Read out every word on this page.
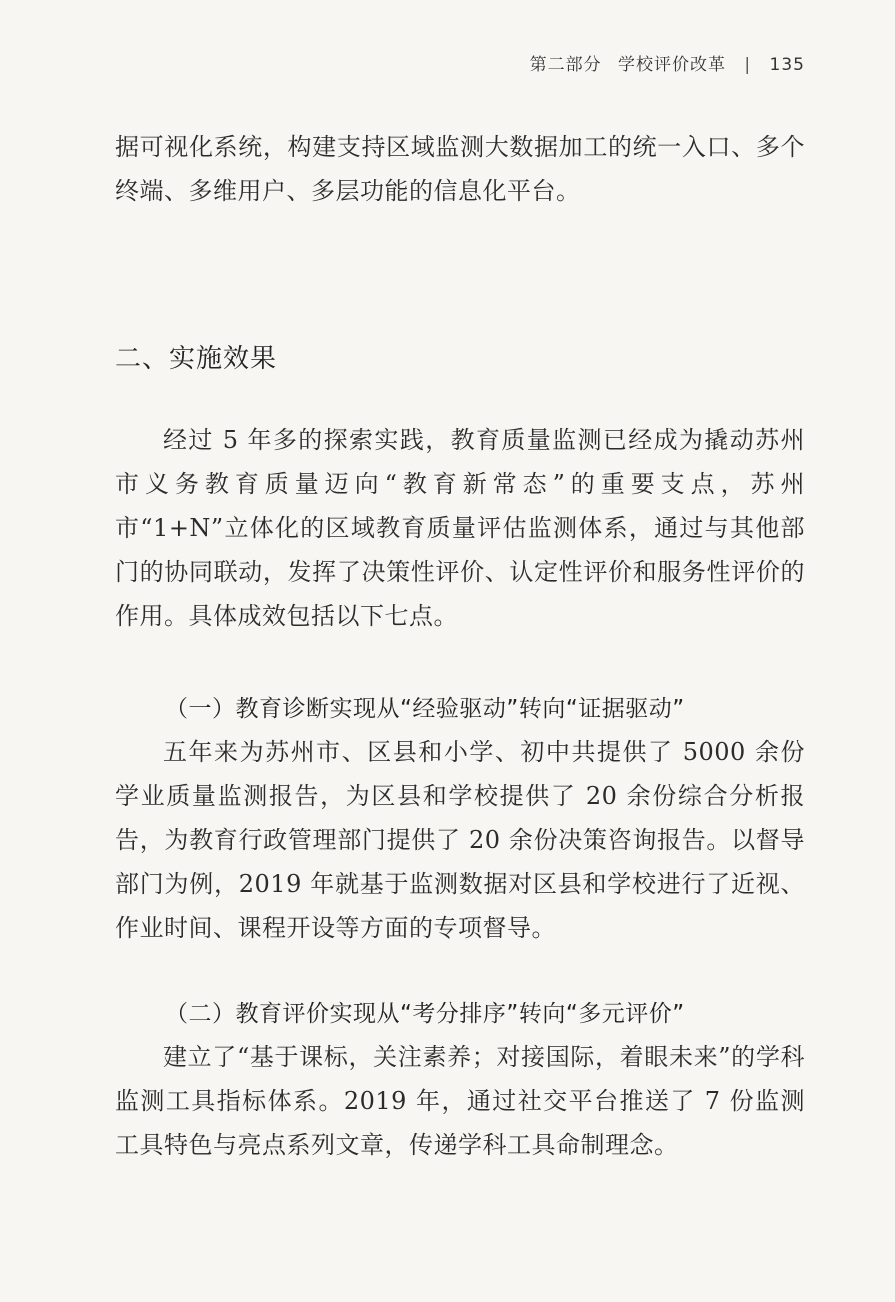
第二部分 学校评价改革 | 135
据可视化系统，构建支持区域监测大数据加工的统一入口、多个终端、多维用户、多层功能的信息化平台。
二、实施效果
经过 5 年多的探索实践，教育质量监测已经成为撬动苏州市义务教育质量迈向“教育新常态”的重要支点，苏州市“1+N”立体化的区域教育质量评估监测体系，通过与其他部门的协同联动，发挥了决策性评价、认定性评价和服务性评价的作用。具体成效包括以下七点。
（一）教育诊断实现从“经验驱动”转向“证据驱动”
五年来为苏州市、区县和小学、初中共提供了 5000 余份学业质量监测报告，为区县和学校提供了 20 余份综合分析报告，为教育行政管理部门提供了 20 余份决策咨询报告。以督导部门为例，2019 年就基于监测数据对区县和学校进行了近视、作业时间、课程开设等方面的专项督导。
（二）教育评价实现从“考分排序”转向“多元评价”
建立了“基于课标，关注素养；对接国际，着眼未来”的学科监测工具指标体系。2019 年，通过社交平台推送了 7 份监测工具特色与亮点系列文章，传递学科工具命制理念。
